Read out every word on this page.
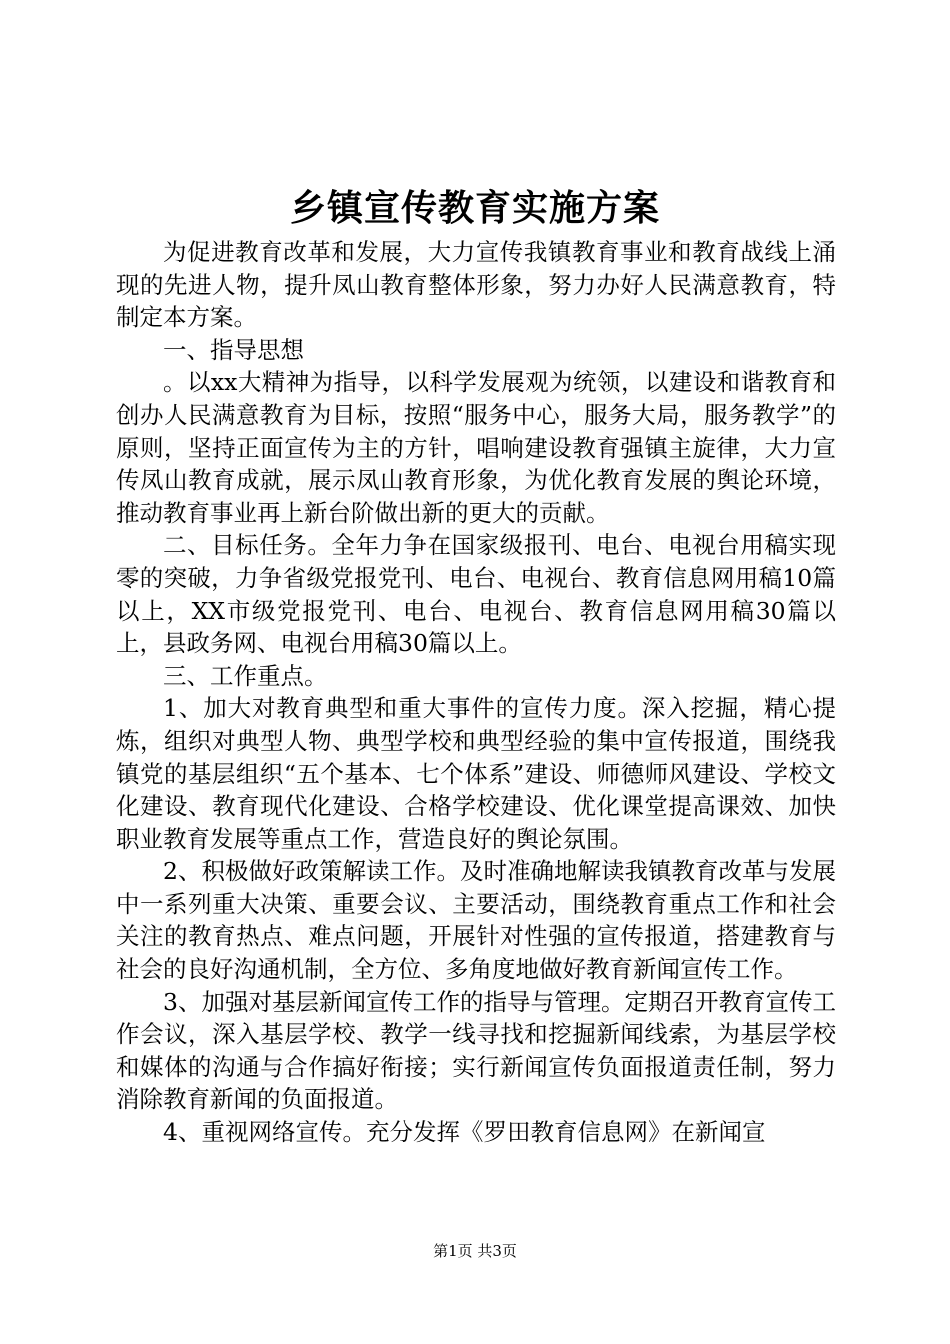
乡镇宣传教育实施方案

为促进教育改革和发展，大力宣传我镇教育事业和教育战线上涌现的先进人物，提升凤山教育整体形象，努力办好人民满意教育，特制定本方案。

一、指导思想

。以xx大精神为指导，以科学发展观为统领，以建设和谐教育和创办人民满意教育为目标，按照“服务中心，服务大局，服务教学”的原则，坚持正面宣传为主的方针，唱响建设教育强镇主旋律，大力宣传凤山教育成就，展示凤山教育形象，为优化教育发展的舆论环境，推动教育事业再上新台阶做出新的更大的贡献。

二、目标任务。全年力争在国家级报刊、电台、电视台用稿实现零的突破，力争省级党报党刊、电台、电视台、教育信息网用稿10篇以上，XX市级党报党刊、电台、电视台、教育信息网用稿30篇以上，县政务网、电视台用稿30篇以上。

三、工作重点。

1、加大对教育典型和重大事件的宣传力度。深入挖掘，精心提炼，组织对典型人物、典型学校和典型经验的集中宣传报道，围绕我镇党的基层组织“五个基本、七个体系”建设、师德师风建设、学校文化建设、教育现代化建设、合格学校建设、优化课堂提高课效、加快职业教育发展等重点工作，营造良好的舆论氛围。

2、积极做好政策解读工作。及时准确地解读我镇教育改革与发展中一系列重大决策、重要会议、主要活动，围绕教育重点工作和社会关注的教育热点、难点问题，开展针对性强的宣传报道，搭建教育与社会的良好沟通机制，全方位、多角度地做好教育新闻宣传工作。

3、加强对基层新闻宣传工作的指导与管理。定期召开教育宣传工作会议，深入基层学校、教学一线寻找和挖掘新闻线索，为基层学校和媒体的沟通与合作搞好衔接；实行新闻宣传负面报道责任制，努力消除教育新闻的负面报道。

4、重视网络宣传。充分发挥《罗田教育信息网》在新闻宣

第1页 共3页
